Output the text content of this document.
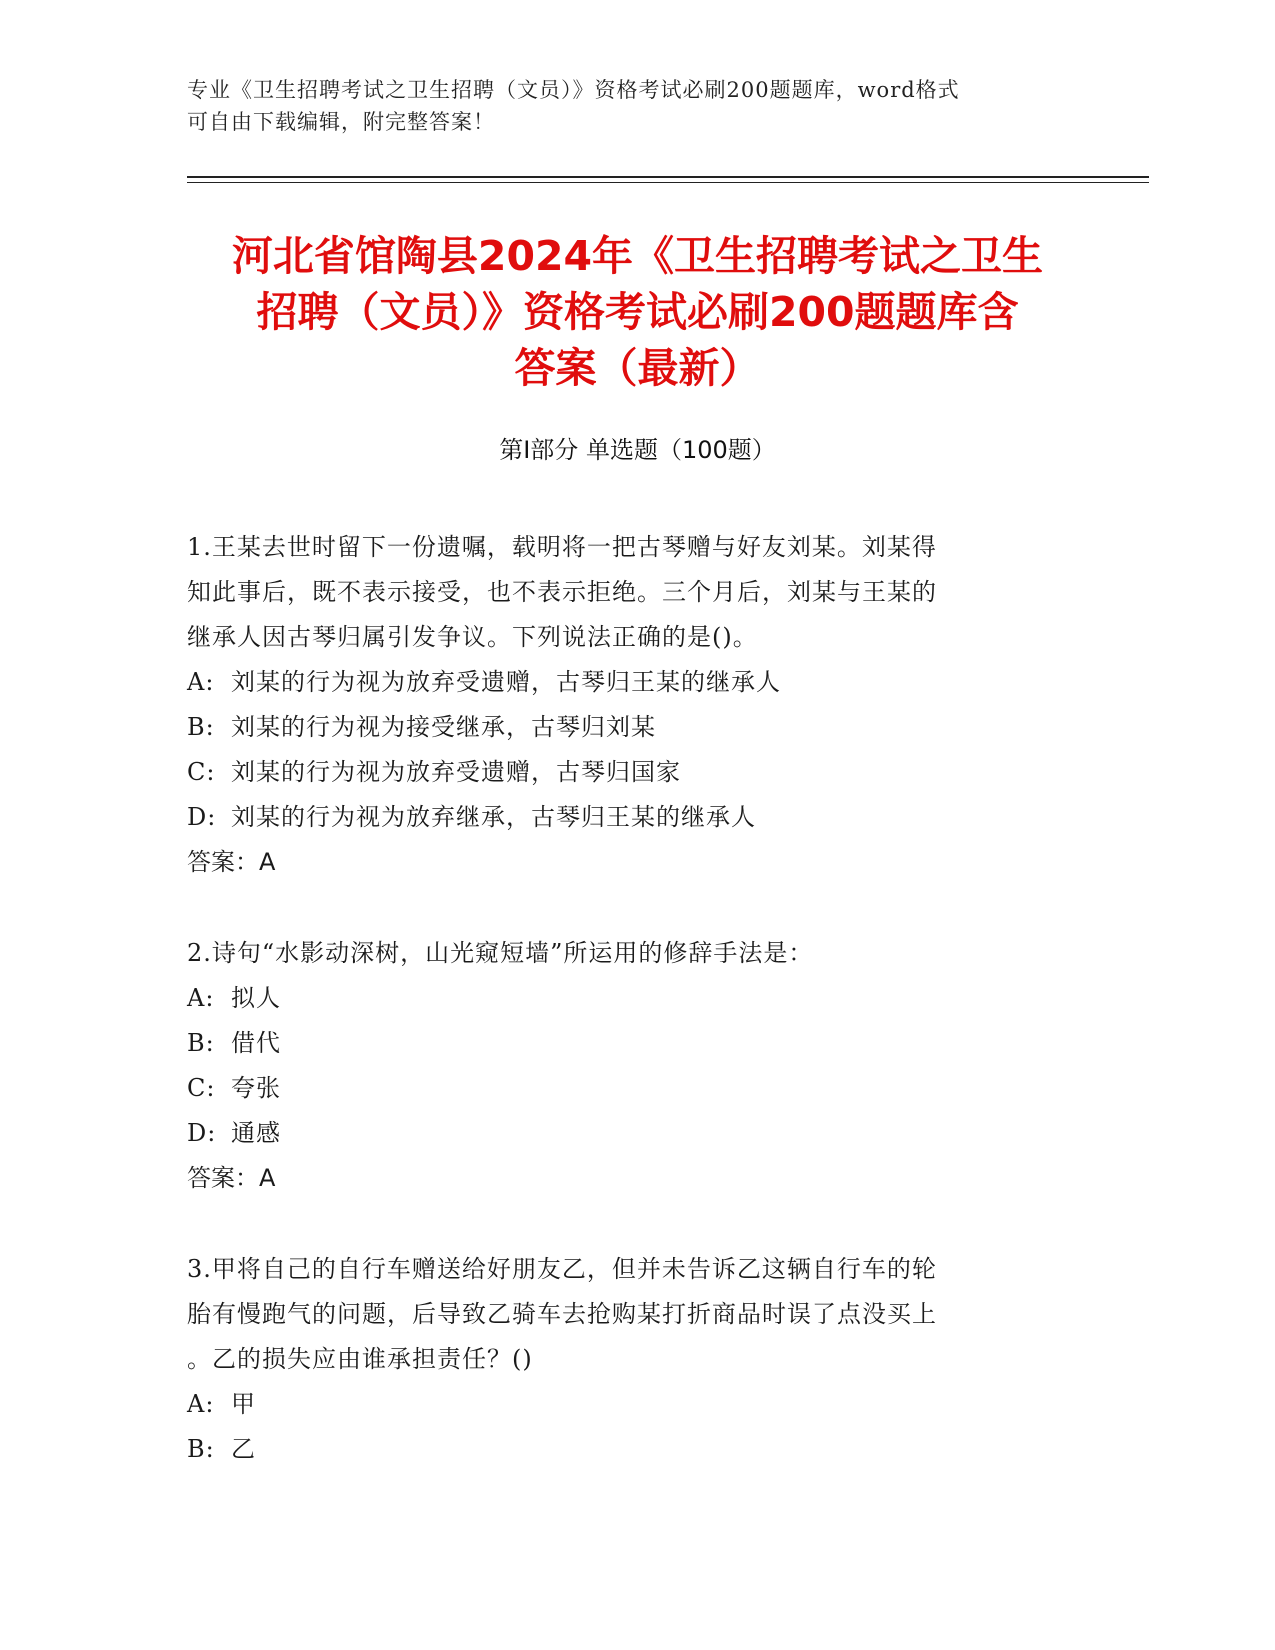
专业《卫生招聘考试之卫生招聘（文员）》资格考试必刷200题题库，word格式
可自由下载编辑，附完整答案！
河北省馆陶县2024年《卫生招聘考试之卫生
招聘（文员）》资格考试必刷200题题库含
答案（最新）
第Ⅰ部分 单选题（100题）

1.王某去世时留下一份遗嘱，载明将一把古琴赠与好友刘某。刘某得

知此事后，既不表示接受，也不表示拒绝。三个月后，刘某与王某的

继承人因古琴归属引发争议。下列说法正确的是()。

A: 刘某的行为视为放弃受遗赠，古琴归王某的继承人

B: 刘某的行为视为接受继承，古琴归刘某

C: 刘某的行为视为放弃受遗赠，古琴归国家

D: 刘某的行为视为放弃继承，古琴归王某的继承人

答案：A

2.诗句“水影动深树，山光窥短墙”所运用的修辞手法是：

A: 拟人

B: 借代

C: 夸张

D: 通感

答案：A

3.甲将自己的自行车赠送给好朋友乙，但并未告诉乙这辆自行车的轮

胎有慢跑气的问题，后导致乙骑车去抢购某打折商品时误了点没买上

。乙的损失应由谁承担责任？()

A: 甲

B: 乙
